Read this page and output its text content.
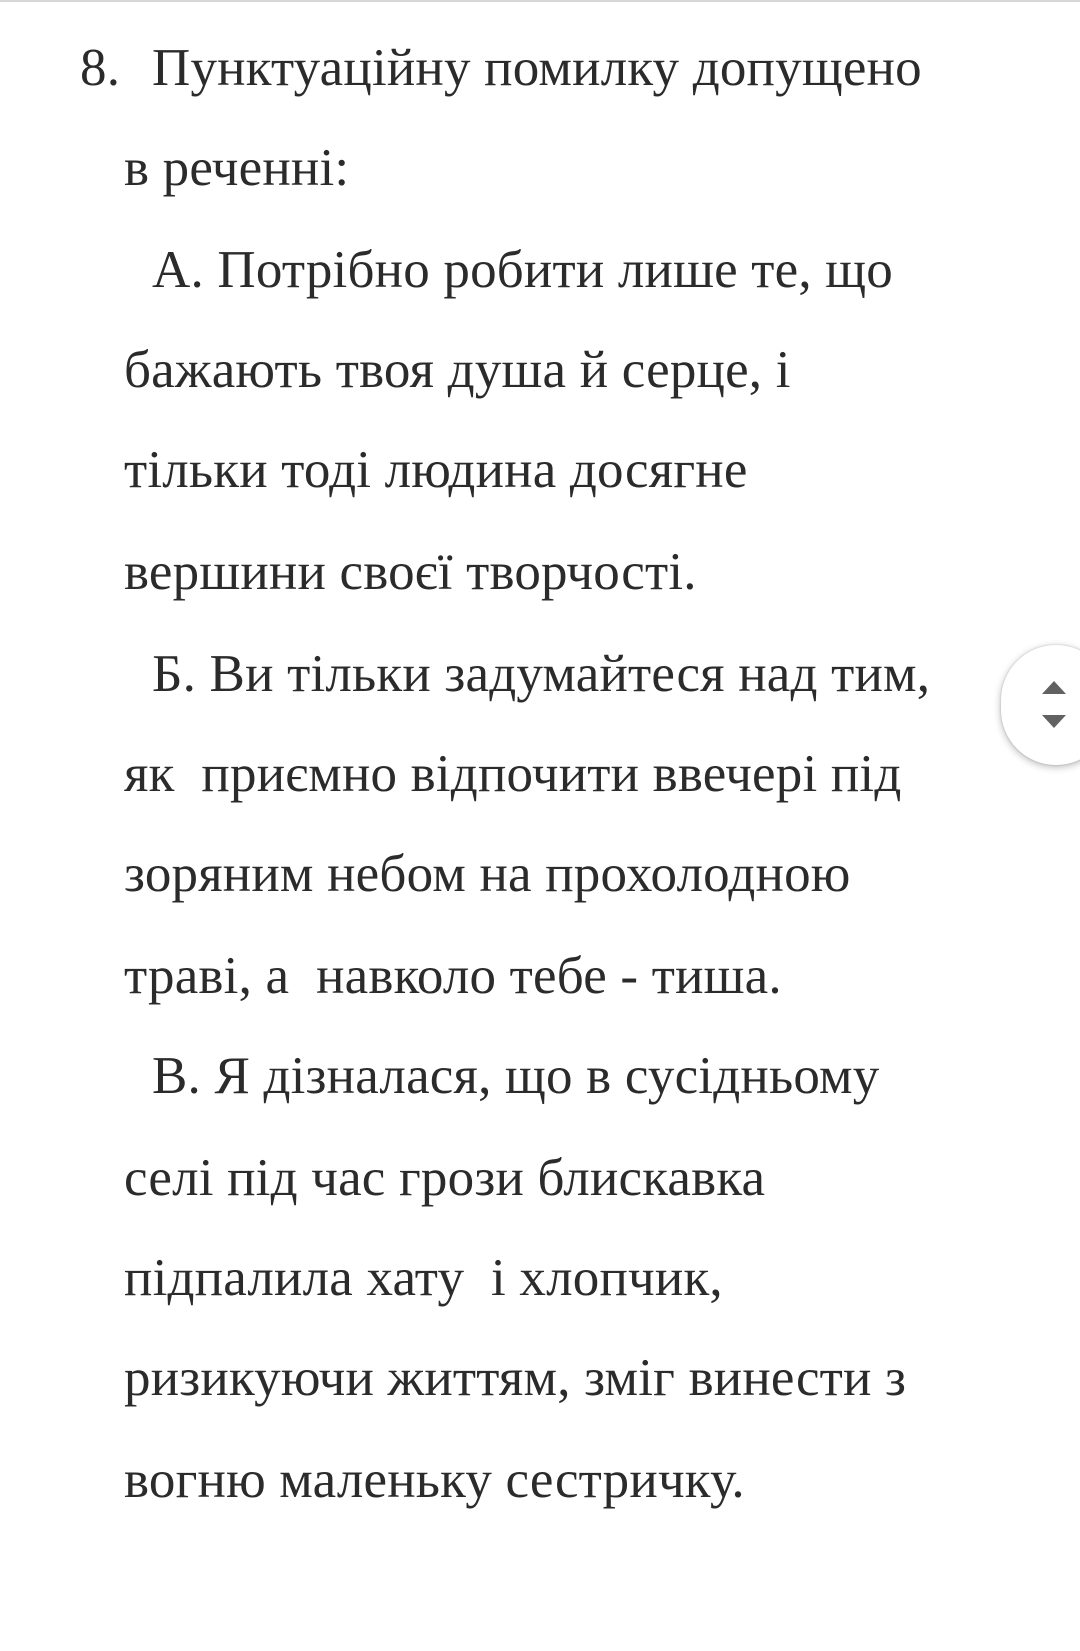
8. Пунктуаційну помилку допущено
в реченні:
А. Потрібно робити лише те, що
бажають твоя душа й серце, і
тільки тоді людина досягне
вершини своєї творчості.
Б. Ви тільки задумайтеся над тим,
як  приємно відпочити ввечері під
зоряним небом на прохолодною
траві, а  навколо тебе - тиша.
В. Я дізналася, що в сусідньому
селі під час грози блискавка
підпалила хату  і хлопчик,
ризикуючи життям, зміг винести з
вогню маленьку сестричку.
